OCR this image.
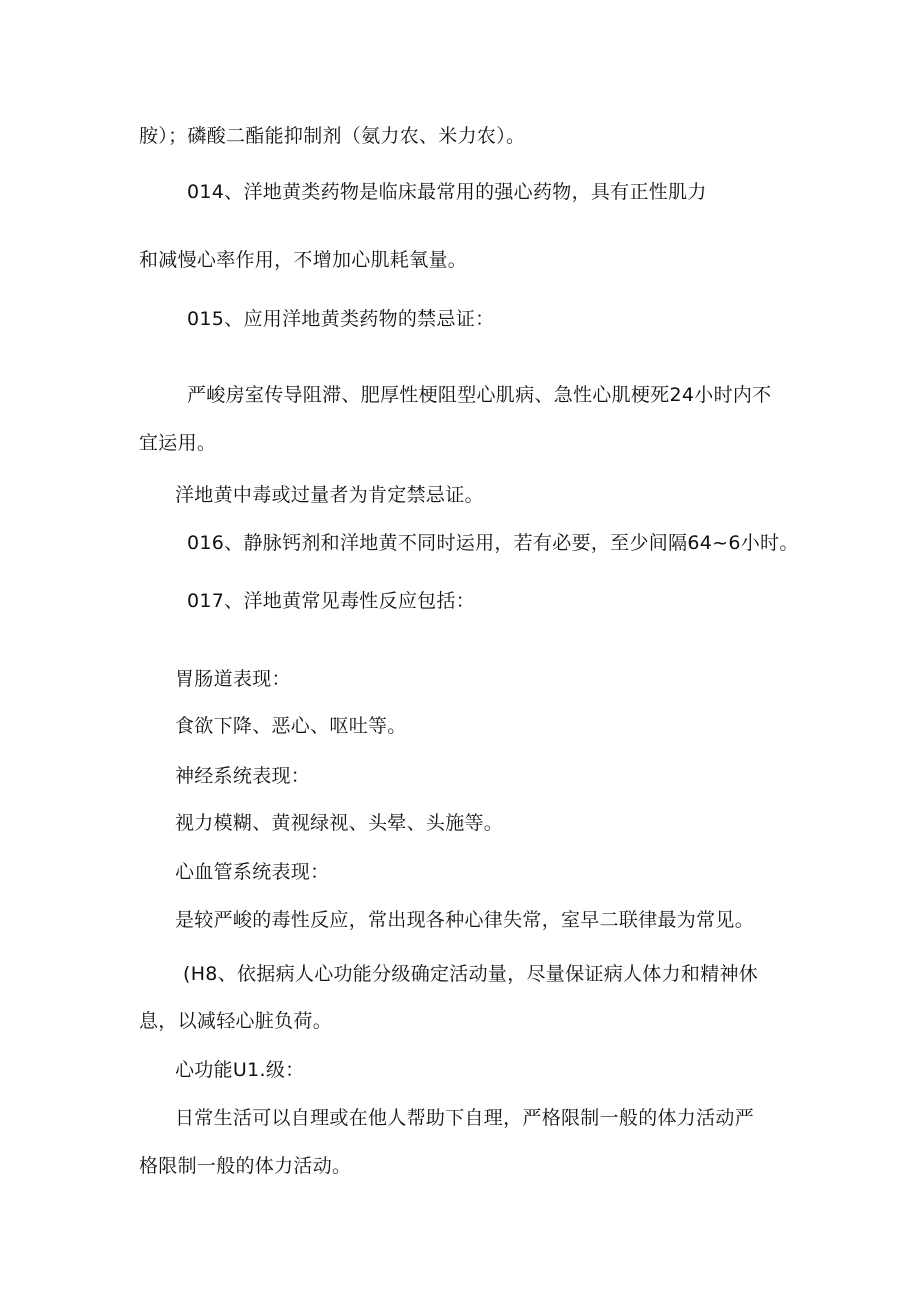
胺）；磷酸二酯能抑制剂（氨力农、米力农）。
014、洋地黄类药物是临床最常用的强心药物，具有正性肌力
和减慢心率作用，不增加心肌耗氧量。
015、应用洋地黄类药物的禁忌证：
严峻房室传导阻滞、肥厚性梗阻型心肌病、急性心肌梗死24小时内不
宜运用。
洋地黄中毒或过量者为肯定禁忌证。
016、静脉钙剂和洋地黄不同时运用，若有必要，至少间隔64~6小时。
017、洋地黄常见毒性反应包括：
胃肠道表现：
食欲下降、恶心、呕吐等。
神经系统表现：
视力模糊、黄视绿视、头晕、头施等。
心血管系统表现：
是较严峻的毒性反应，常出现各种心律失常，室早二联律最为常见。
(H8、依据病人心功能分级确定活动量，尽量保证病人体力和精神休
息，以减轻心脏负荷。
心功能U1.级：
日常生活可以自理或在他人帮助下自理，严格限制一般的体力活动严
格限制一般的体力活动。
